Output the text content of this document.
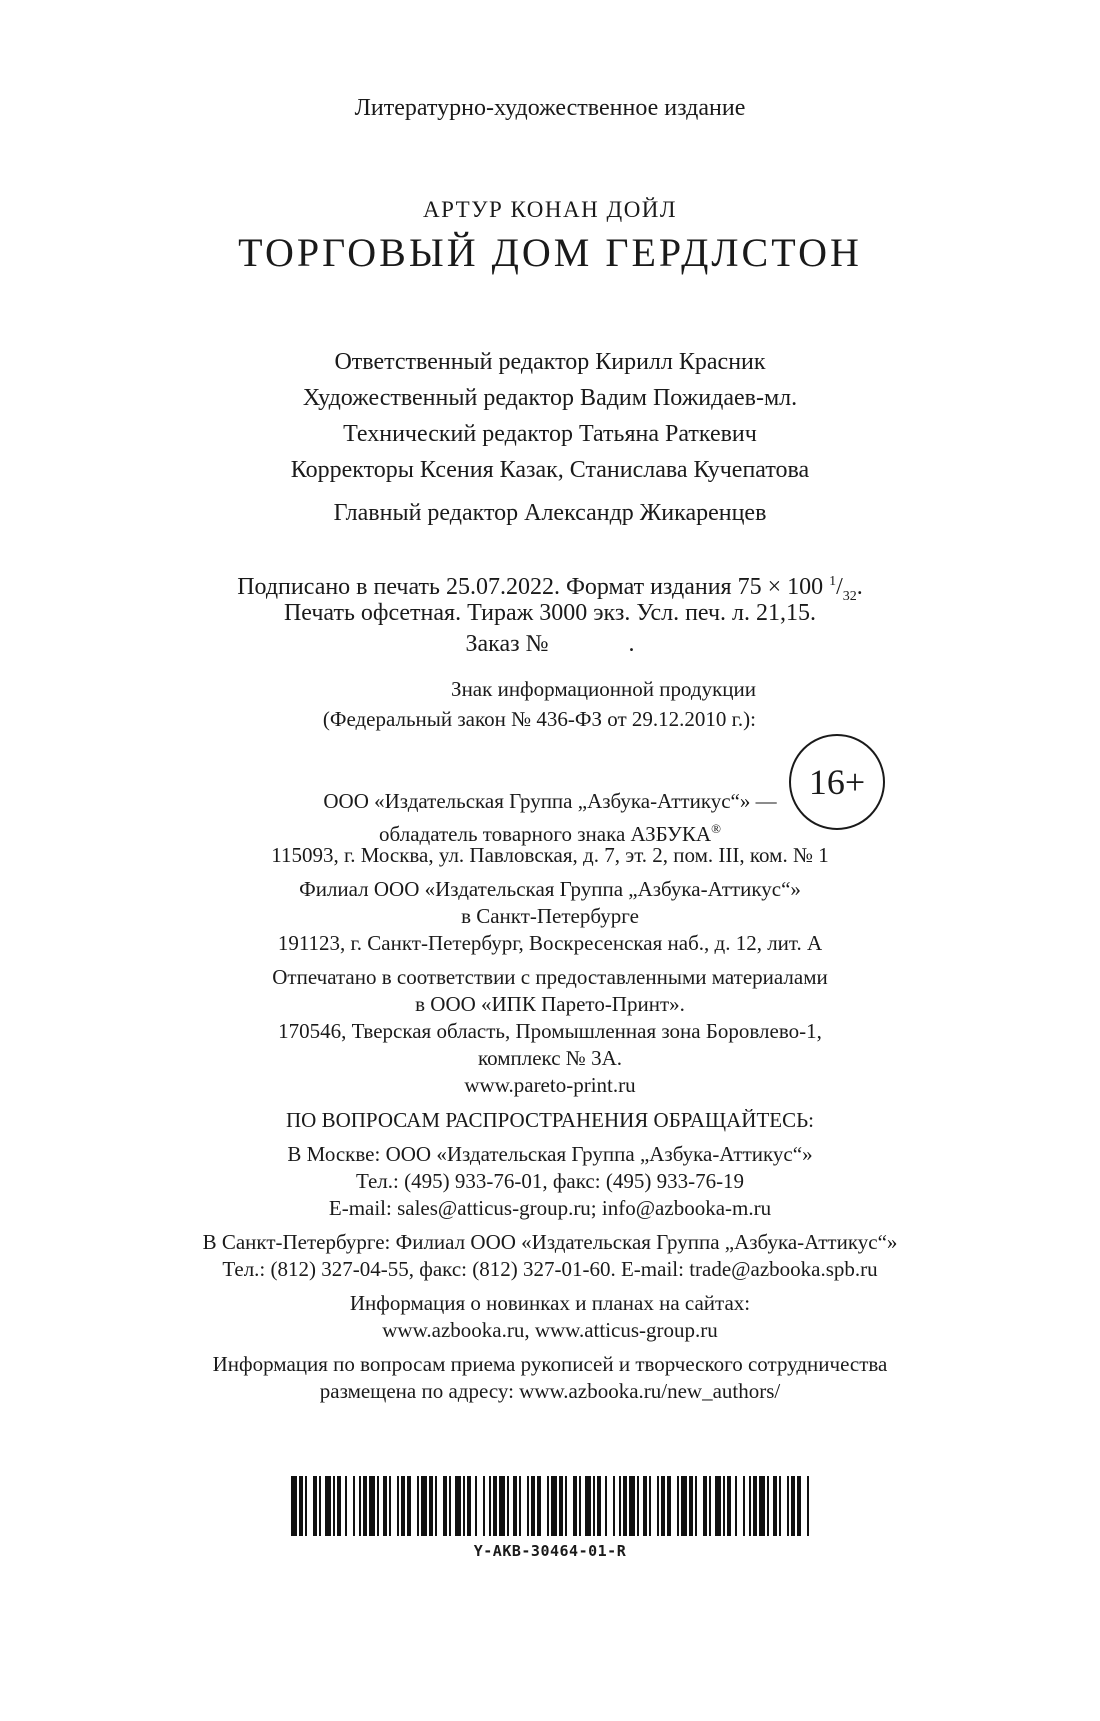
Литературно-художественное издание
АРТУР КОНАН ДОЙЛ
ТОРГОВЫЙ ДОМ ГЕРДЛСТОН
Ответственный редактор Кирилл Красник
Художественный редактор Вадим Пожидаев-мл.
Технический редактор Татьяна Раткевич
Корректоры Ксения Казак, Станислава Кучепатова
Главный редактор Александр Жикаренцев
Подписано в печать 25.07.2022. Формат издания 75 × 100 $^1/_{32}$.
Печать офсетная. Тираж 3000 экз. Усл. печ. л. 21,15.
Заказ №	.
Знак информационной продукции
(Федеральный закон № 436-ФЗ от 29.12.2010 г.):
16+
ООО «Издательская Группа „Азбука-Аттикус“» —
обладатель товарного знака АЗБУКА®
115093, г. Москва, ул. Павловская, д. 7, эт. 2, пом. III, ком. № 1
Филиал ООО «Издательская Группа „Азбука-Аттикус“»
в Санкт-Петербурге
191123, г. Санкт-Петербург, Воскресенская наб., д. 12, лит. А
Отпечатано в соответствии с предоставленными материалами
в ООО «ИПК Парето-Принт».
170546, Тверская область, Промышленная зона Боровлево-1,
комплекс № 3А.
www.pareto-print.ru
ПО ВОПРОСАМ РАСПРОСТРАНЕНИЯ ОБРАЩАЙТЕСЬ:
В Москве: ООО «Издательская Группа „Азбука-Аттикус“»
Тел.: (495) 933-76-01, факс: (495) 933-76-19
E-mail: sales@atticus-group.ru; info@azbooka-m.ru
В Санкт-Петербурге: Филиал ООО «Издательская Группа „Азбука-Аттикус“»
Тел.: (812) 327-04-55, факс: (812) 327-01-60. E-mail: trade@azbooka.spb.ru
Информация о новинках и планах на сайтах:
www.azbooka.ru, www.atticus-group.ru
Информация по вопросам приема рукописей и творческого сотрудничества
размещена по адресу: www.azbooka.ru/new_authors/
Y-AKB-30464-01-R
